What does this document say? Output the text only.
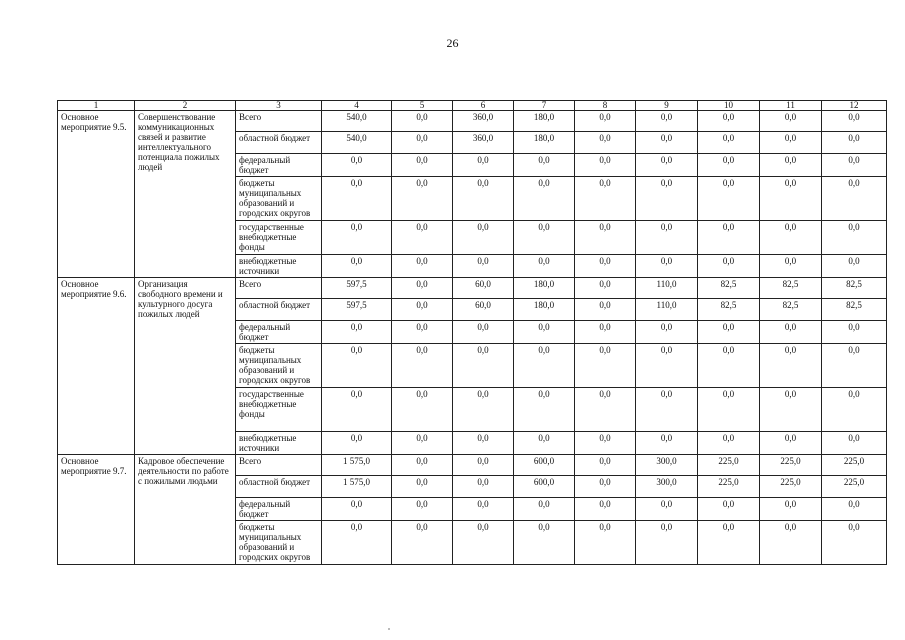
26
1	2	3	4	5	6	7	8	9	10	11	12
Основное мероприятие 9.5.	Совершенствование коммуникационных связей и развитие интеллектуального потенциала пожилых людей	Всего	540,0	0,0	360,0	180,0	0,0	0,0	0,0	0,0	0,0
		областной бюджет	540,0	0,0	360,0	180,0	0,0	0,0	0,0	0,0	0,0
		федеральный бюджет	0,0	0,0	0,0	0,0	0,0	0,0	0,0	0,0	0,0
		бюджеты муниципальных образований и городских округов	0,0	0,0	0,0	0,0	0,0	0,0	0,0	0,0	0,0
		государственные внебюджетные фонды	0,0	0,0	0,0	0,0	0,0	0,0	0,0	0,0	0,0
		внебюджетные источники	0,0	0,0	0,0	0,0	0,0	0,0	0,0	0,0	0,0
Основное мероприятие 9.6.	Организация свободного времени и культурного досуга пожилых людей	Всего	597,5	0,0	60,0	180,0	0,0	110,0	82,5	82,5	82,5
		областной бюджет	597,5	0,0	60,0	180,0	0,0	110,0	82,5	82,5	82,5
		федеральный бюджет	0,0	0,0	0,0	0,0	0,0	0,0	0,0	0,0	0,0
		бюджеты муниципальных образований и городских округов	0,0	0,0	0,0	0,0	0,0	0,0	0,0	0,0	0,0
		государственные внебюджетные фонды	0,0	0,0	0,0	0,0	0,0	0,0	0,0	0,0	0,0
		внебюджетные источники	0,0	0,0	0,0	0,0	0,0	0,0	0,0	0,0	0,0
Основное мероприятие 9.7.	Кадровое обеспечение деятельности по работе с пожилыми людьми	Всего	1 575,0	0,0	0,0	600,0	0,0	300,0	225,0	225,0	225,0
		областной бюджет	1 575,0	0,0	0,0	600,0	0,0	300,0	225,0	225,0	225,0
		федеральный бюджет	0,0	0,0	0,0	0,0	0,0	0,0	0,0	0,0	0,0
		бюджеты муниципальных образований и городских округов	0,0	0,0	0,0	0,0	0,0	0,0	0,0	0,0	0,0
